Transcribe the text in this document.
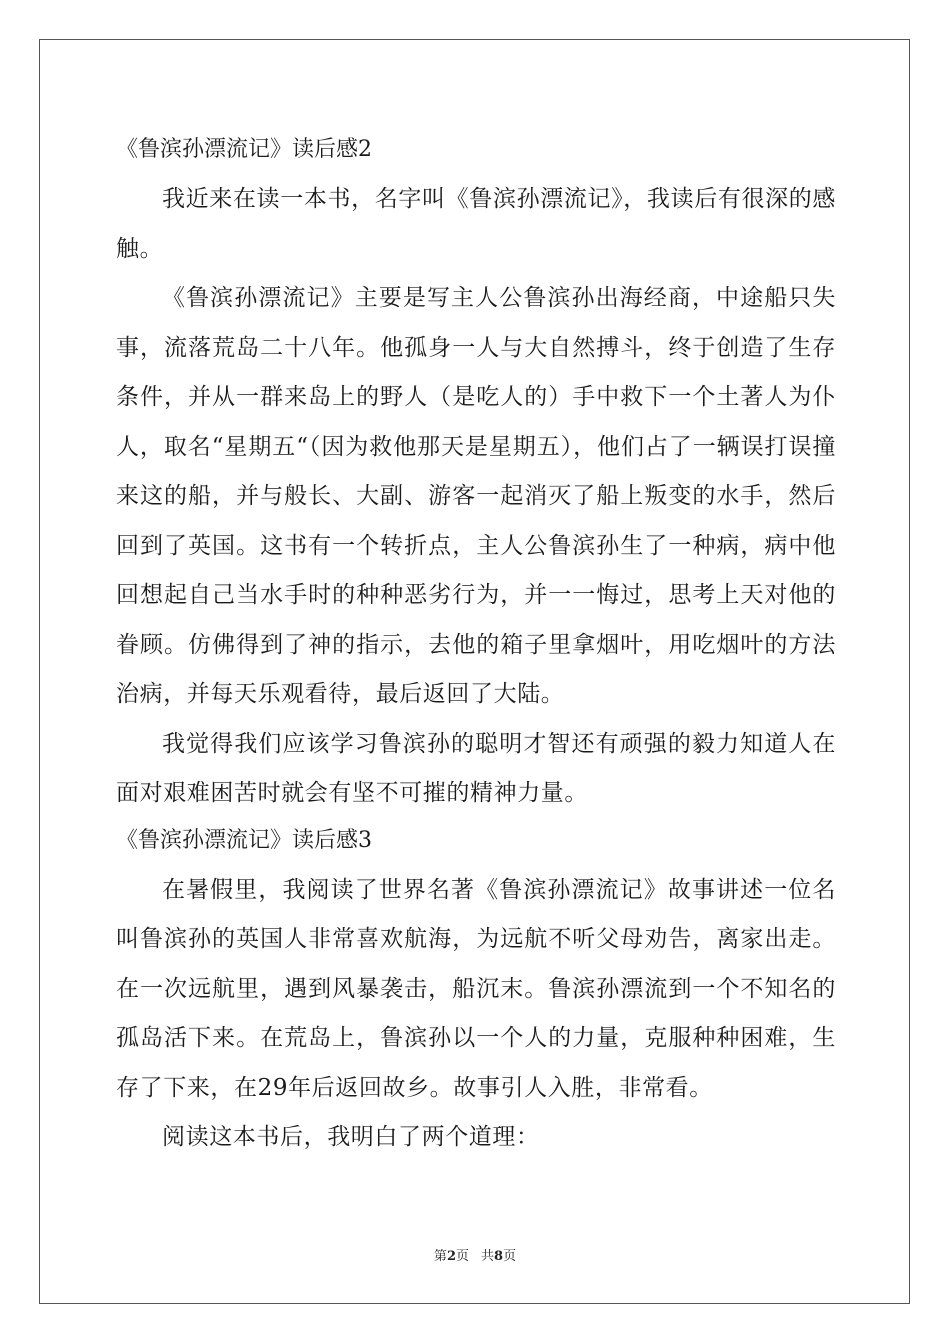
《鲁滨孙漂流记》读后感2

我近来在读一本书，名字叫《鲁滨孙漂流记》，我读后有很深的感触。

《鲁滨孙漂流记》主要是写主人公鲁滨孙出海经商，中途船只失事，流落荒岛二十八年。他孤身一人与大自然搏斗，终于创造了生存条件，并从一群来岛上的野人（是吃人的）手中救下一个土著人为仆人，取名“星期五“（因为救他那天是星期五），他们占了一辆误打误撞来这的船，并与般长、大副、游客一起消灭了船上叛变的水手，然后回到了英国。这书有一个转折点，主人公鲁滨孙生了一种病，病中他回想起自己当水手时的种种恶劣行为，并一一悔过，思考上天对他的眷顾。仿佛得到了神的指示，去他的箱子里拿烟叶，用吃烟叶的方法治病，并每天乐观看待，最后返回了大陆。

我觉得我们应该学习鲁滨孙的聪明才智还有顽强的毅力知道人在面对艰难困苦时就会有坚不可摧的精神力量。

《鲁滨孙漂流记》读后感3

在暑假里，我阅读了世界名著《鲁滨孙漂流记》故事讲述一位名叫鲁滨孙的英国人非常喜欢航海，为远航不听父母劝告，离家出走。在一次远航里，遇到风暴袭击，船沉末。鲁滨孙漂流到一个不知名的孤岛活下来。在荒岛上，鲁滨孙以一个人的力量，克服种种困难，生存了下来，在29年后返回故乡。故事引人入胜，非常看。

阅读这本书后，我明白了两个道理：

第2页 共8页
